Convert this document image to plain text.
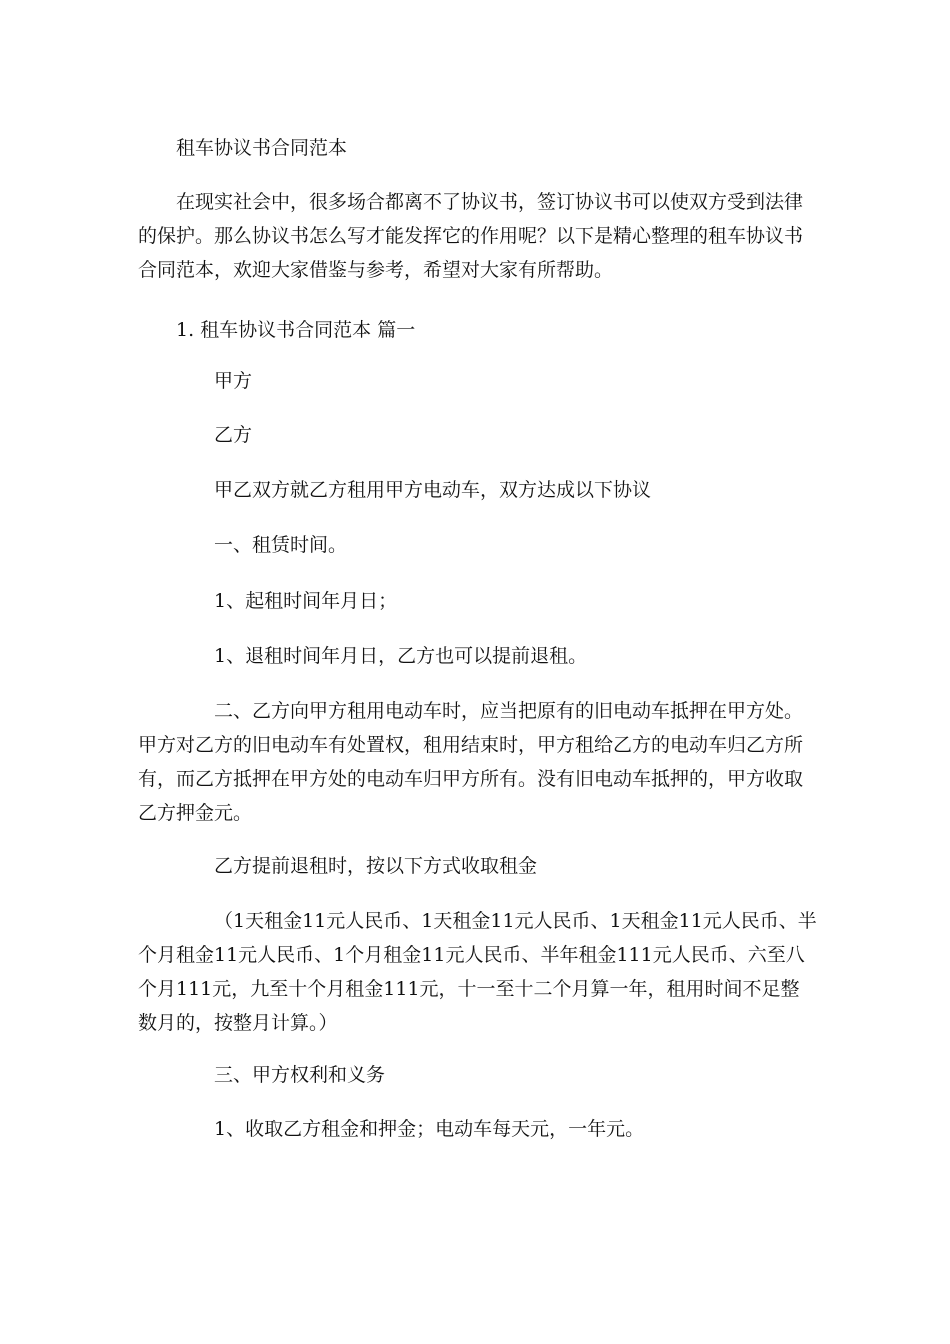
租车协议书合同范本

在现实社会中，很多场合都离不了协议书，签订协议书可以使双方受到法律的保护。那么协议书怎么写才能发挥它的作用呢？以下是精心整理的租车协议书合同范本，欢迎大家借鉴与参考，希望对大家有所帮助。

1. 租车协议书合同范本 篇一

甲方

乙方

甲乙双方就乙方租用甲方电动车，双方达成以下协议

一、租赁时间。

1、起租时间年月日；

1、退租时间年月日，乙方也可以提前退租。

二、乙方向甲方租用电动车时，应当把原有的旧电动车抵押在甲方处。甲方对乙方的旧电动车有处置权，租用结束时，甲方租给乙方的电动车归乙方所有，而乙方抵押在甲方处的电动车归甲方所有。没有旧电动车抵押的，甲方收取乙方押金元。

乙方提前退租时，按以下方式收取租金

（1天租金11元人民币、1天租金11元人民币、1天租金11元人民币、半个月租金11元人民币、1个月租金11元人民币、半年租金111元人民币、六至八个月111元，九至十个月租金111元，十一至十二个月算一年，租用时间不足整数月的，按整月计算。）

三、甲方权利和义务

1、收取乙方租金和押金；电动车每天元，一年元。
